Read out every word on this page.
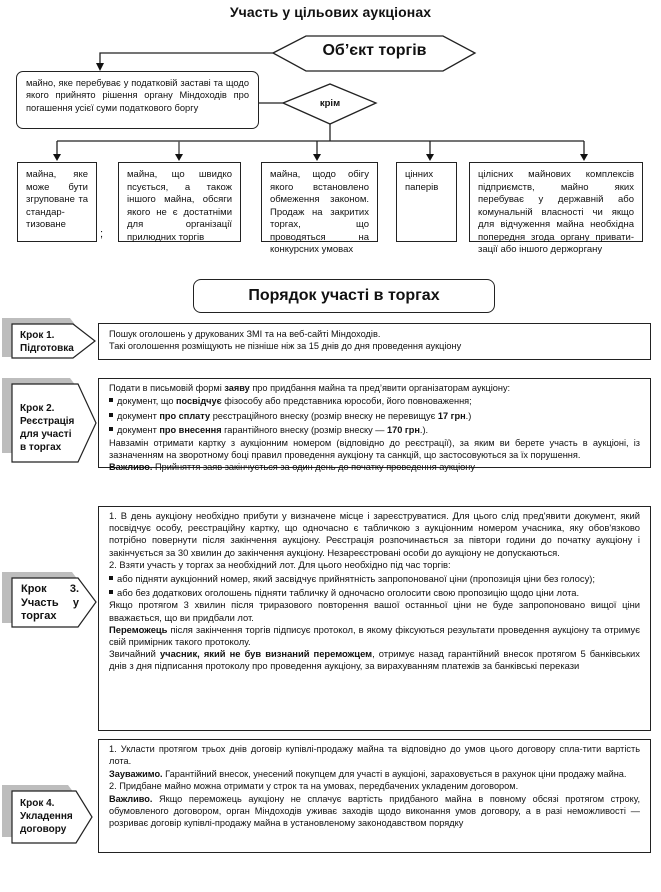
Участь у цільових аукціонах
Об’єкт торгів
майно, яке перебуває у податковій заставі та щодо якого прийнято рішення органу Міндоходів про погашення усієї суми податкового боргу	крім
майна, яке може бути згруповане та стандар-тизоване
;
майна, що швидко псується, а також іншого майна, обсяги якого не є достатніми для організації прилюдних торгів
майна, щодо обігу якого встановлено обмеження законом. Продаж на закритих торгах, що проводяться на конкурсних умовах
цінних паперів
цілісних майнових комплексів підприємств, майно яких перебуває у державній або комунальній власності чи якщо для відчуження майна необхідна попередня згода органу привати-зації або іншого держоргану
Порядок участі в торгах
Крок 1. Підготовка

Пошук оголошень у друкованих ЗМІ та на веб-сайті Міндоходів.

Такі оголошення розміщують не пізніше ніж за 15 днів до дня проведення аукціону

Крок 2. Реєстрація для участі в торгах

Подати в письмовій формі заяву про придбання майна та пред’явити організаторам аукціону:

документ, що посвідчує фізособу або представника юрособи, його повноваження;

документ про сплату реєстраційного внеску (розмір внеску не перевищує 17 грн.)

документ про внесення гарантійного внеску (розмір внеску — 170 грн.).

Навзамін отримати картку з аукціонним номером (відповідно до реєстрації), за яким ви берете участь в аукціоні, із зазначенням на зворотному боці правил проведення аукціону та санкцій, що застосовуються за їх порушення.

Важливо. Прийняття заяв закінчується за один день до початку проведення аукціону

Крок 3. Участь у торгах

1. В день аукціону необхідно прибути у визначене місце і зареєструватися. Для цього слід пред'явити документ, який посвідчує особу, реєстраційну картку, що одночасно є табличкою з аукціонним номером учасника, яку обов'язково потрібно повернути після закінчення аукціону. Реєстрація розпочинається за півтори години до початку аукціону і закінчується за 30 хвилин до закінчення аукціону. Незареєстровані особи до аукціону не допускаються.

2. Взяти участь у торгах за необхідний лот. Для цього необхідно під час торгів:

або підняти аукціонний номер, який засвідчує прийнятність запропонованої ціни (пропозиція ціни без голосу);

або без додаткових оголошень підняти табличку й одночасно оголосити свою пропозицію щодо ціни лота.

Якщо протягом 3 хвилин після триразового повторення вашої останньої ціни не буде запропоновано вищої ціни вважається, що ви придбали лот.

Переможець після закінчення торгів підписує протокол, в якому фіксуються результати проведення аукціону та отримує свій примірник такого протоколу.

Звичайний учасник, який не був визнаний переможцем, отримує назад гарантійний внесок протягом 5 банківських днів з дня підписання протоколу про проведення аукціону, за вирахуванням платежів за банківські перекази

Крок 4. Укладення договору

1. Укласти протягом трьох днів договір купівлі-продажу майна та відповідно до умов цього договору спла-тити вартість лота.

Зауважимо. Гарантійний внесок, унесений покупцем для участі в аукціоні, зараховується в рахунок ціни продажу майна.

2. Придбане майно можна отримати у строк та на умовах, передбачених укладеним договором.

Важливо. Якщо переможець аукціону не сплачує вартість придбаного майна в повному обсязі протягом строку, обумовленого договором, орган Міндоходів уживає заходів щодо виконання умов договору, а в разі неможливості — розриває договір купівлі-продажу майна в установленому законодавством порядку
